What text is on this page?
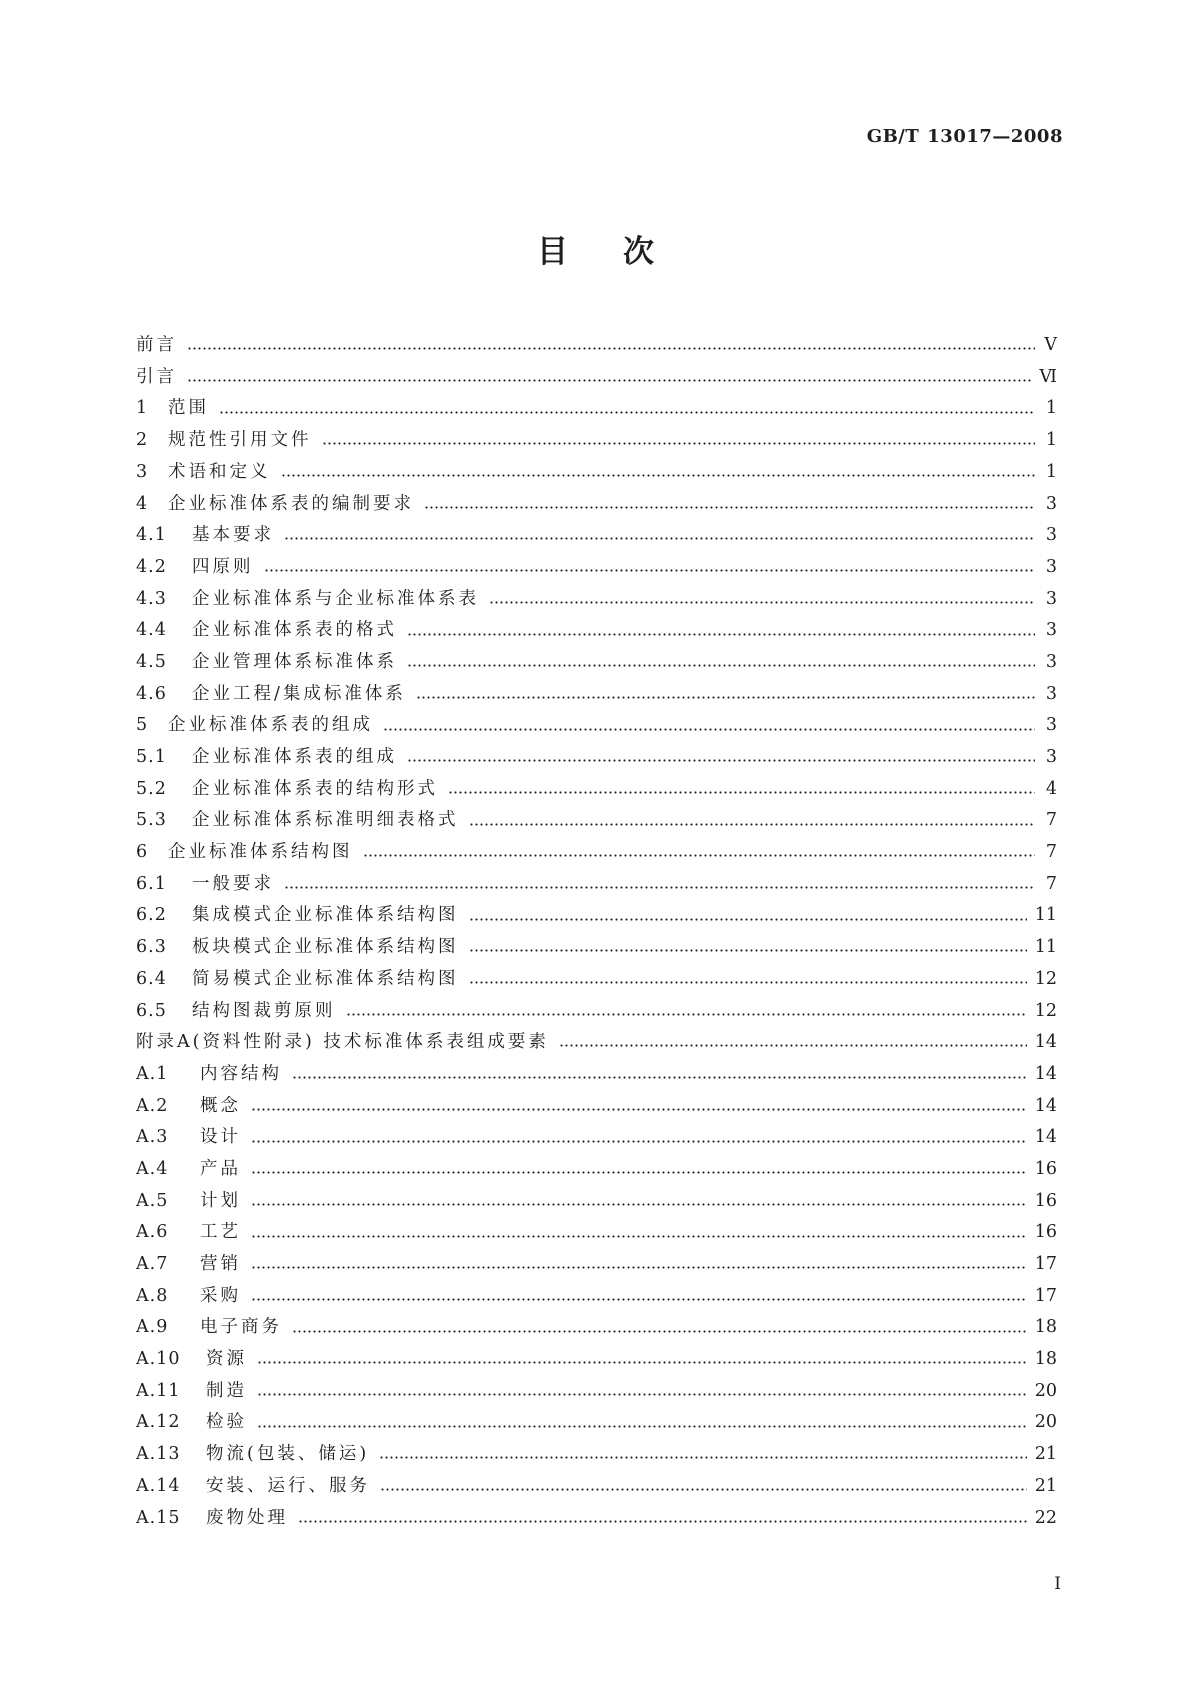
GB/T 13017—2008
目次
前言	Ⅴ
引言	Ⅵ
1	范围	1
2	规范性引用文件	1
3	术语和定义	1
4	企业标准体系表的编制要求	3
4.1	基本要求	3
4.2	四原则	3
4.3	企业标准体系与企业标准体系表	3
4.4	企业标准体系表的格式	3
4.5	企业管理体系标准体系	3
4.6	企业工程/集成标准体系	3
5	企业标准体系表的组成	3
5.1	企业标准体系表的组成	3
5.2	企业标准体系表的结构形式	4
5.3	企业标准体系标准明细表格式	7
6	企业标准体系结构图	7
6.1	一般要求	7
6.2	集成模式企业标准体系结构图	11
6.3	板块模式企业标准体系结构图	11
6.4	简易模式企业标准体系结构图	12
6.5	结构图裁剪原则	12
附录A(资料性附录) 技术标准体系表组成要素	14
A.1	内容结构	14
A.2	概念	14
A.3	设计	14
A.4	产品	16
A.5	计划	16
A.6	工艺	16
A.7	营销	17
A.8	采购	17
A.9	电子商务	18
A.10	资源	18
A.11	制造	20
A.12	检验	20
A.13	物流(包装、储运)	21
A.14	安装、运行、服务	21
A.15	废物处理	22
Ⅰ
